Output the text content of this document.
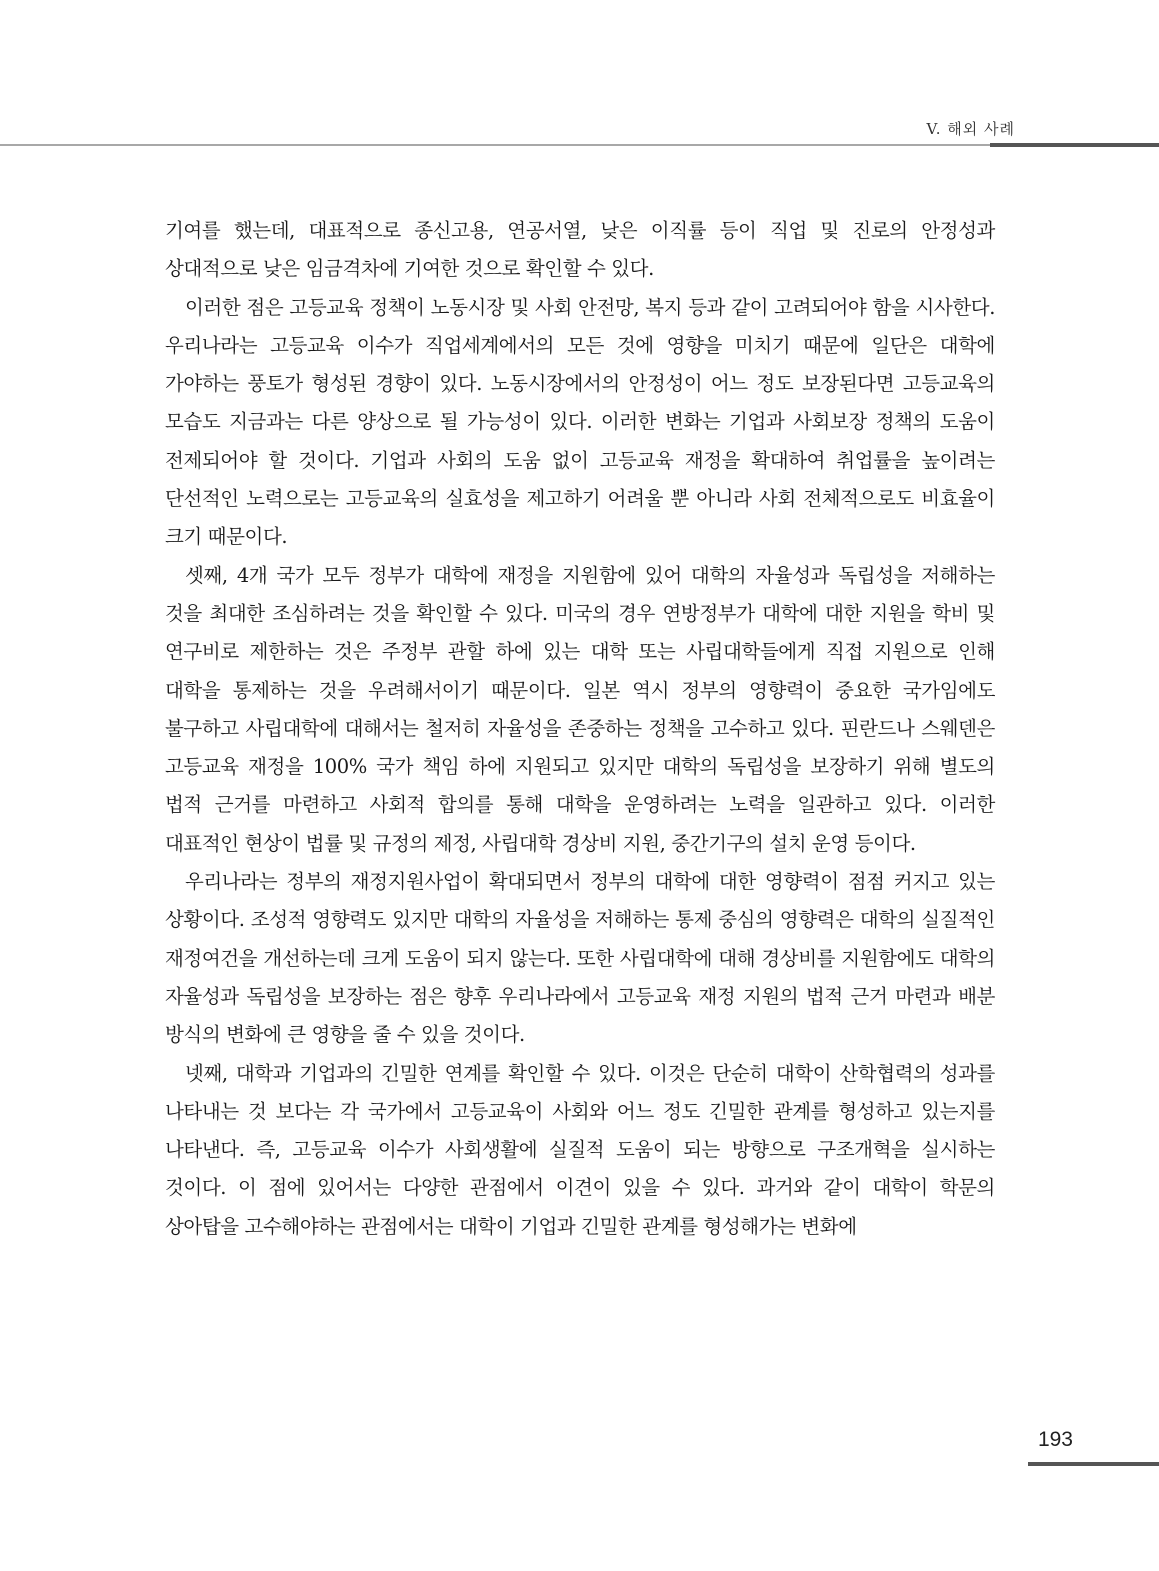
V. 해외 사례

기여를 했는데, 대표적으로 종신고용, 연공서열, 낮은 이직률 등이 직업 및 진로의 안정성과 상대적으로 낮은 임금격차에 기여한 것으로 확인할 수 있다.

이러한 점은 고등교육 정책이 노동시장 및 사회 안전망, 복지 등과 같이 고려되어야 함을 시사한다. 우리나라는 고등교육 이수가 직업세계에서의 모든 것에 영향을 미치기 때문에 일단은 대학에 가야하는 풍토가 형성된 경향이 있다. 노동시장에서의 안정성이 어느 정도 보장된다면 고등교육의 모습도 지금과는 다른 양상으로 될 가능성이 있다. 이러한 변화는 기업과 사회보장 정책의 도움이 전제되어야 할 것이다. 기업과 사회의 도움 없이 고등교육 재정을 확대하여 취업률을 높이려는 단선적인 노력으로는 고등교육의 실효성을 제고하기 어려울 뿐 아니라 사회 전체적으로도 비효율이 크기 때문이다.

셋째, 4개 국가 모두 정부가 대학에 재정을 지원함에 있어 대학의 자율성과 독립성을 저해하는 것을 최대한 조심하려는 것을 확인할 수 있다. 미국의 경우 연방정부가 대학에 대한 지원을 학비 및 연구비로 제한하는 것은 주정부 관할 하에 있는 대학 또는 사립대학들에게 직접 지원으로 인해 대학을 통제하는 것을 우려해서이기 때문이다. 일본 역시 정부의 영향력이 중요한 국가임에도 불구하고 사립대학에 대해서는 철저히 자율성을 존중하는 정책을 고수하고 있다. 핀란드나 스웨덴은 고등교육 재정을 100% 국가 책임 하에 지원되고 있지만 대학의 독립성을 보장하기 위해 별도의 법적 근거를 마련하고 사회적 합의를 통해 대학을 운영하려는 노력을 일관하고 있다. 이러한 대표적인 현상이 법률 및 규정의 제정, 사립대학 경상비 지원, 중간기구의 설치 운영 등이다.

우리나라는 정부의 재정지원사업이 확대되면서 정부의 대학에 대한 영향력이 점점 커지고 있는 상황이다. 조성적 영향력도 있지만 대학의 자율성을 저해하는 통제 중심의 영향력은 대학의 실질적인 재정여건을 개선하는데 크게 도움이 되지 않는다. 또한 사립대학에 대해 경상비를 지원함에도 대학의 자율성과 독립성을 보장하는 점은 향후 우리나라에서 고등교육 재정 지원의 법적 근거 마련과 배분 방식의 변화에 큰 영향을 줄 수 있을 것이다.

넷째, 대학과 기업과의 긴밀한 연계를 확인할 수 있다. 이것은 단순히 대학이 산학협력의 성과를 나타내는 것 보다는 각 국가에서 고등교육이 사회와 어느 정도 긴밀한 관계를 형성하고 있는지를 나타낸다. 즉, 고등교육 이수가 사회생활에 실질적 도움이 되는 방향으로 구조개혁을 실시하는 것이다. 이 점에 있어서는 다양한 관점에서 이견이 있을 수 있다. 과거와 같이 대학이 학문의 상아탑을 고수해야하는 관점에서는 대학이 기업과 긴밀한 관계를 형성해가는 변화에

193
